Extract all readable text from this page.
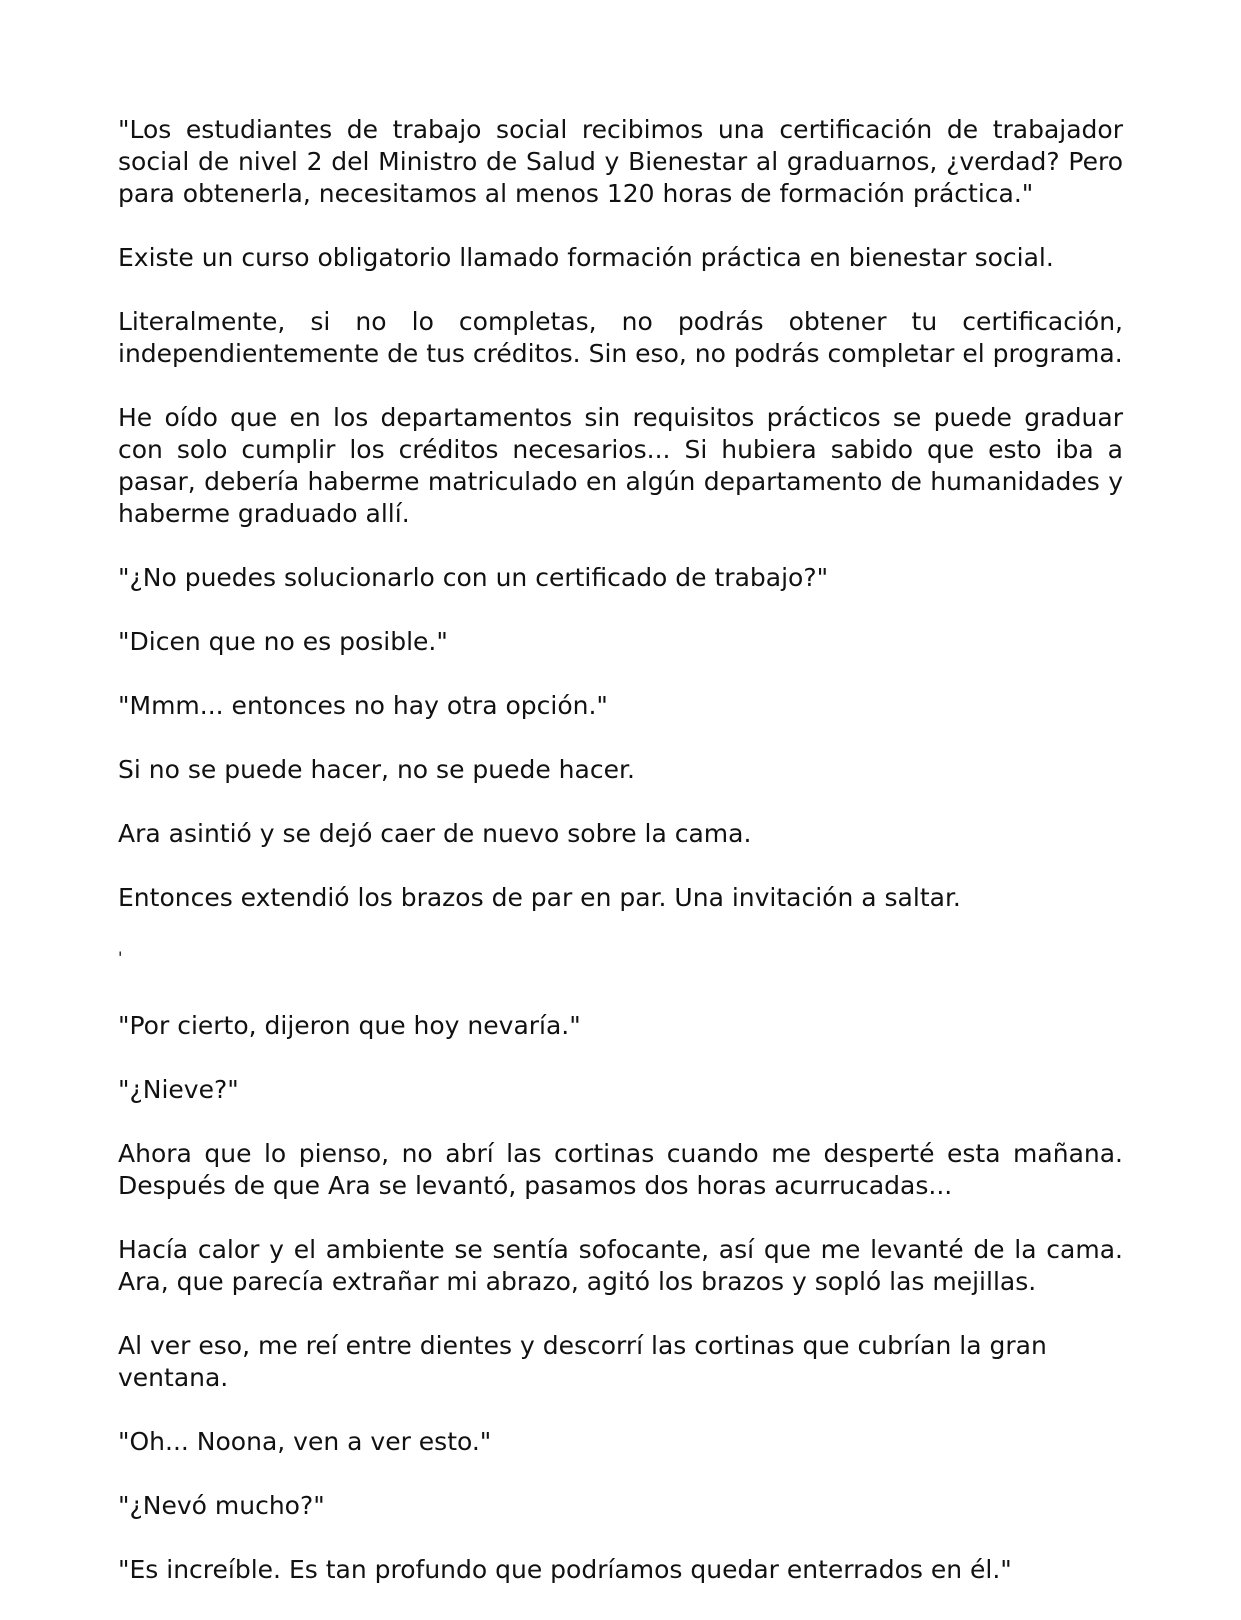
"Los estudiantes de trabajo social recibimos una certificación de trabajador social de nivel 2 del Ministro de Salud y Bienestar al graduarnos, ¿verdad? Pero para obtenerla, necesitamos al menos 120 horas de formación práctica."

Existe un curso obligatorio llamado formación práctica en bienestar social.

Literalmente, si no lo completas, no podrás obtener tu certificación, independientemente de tus créditos. Sin eso, no podrás completar el programa.

He oído que en los departamentos sin requisitos prácticos se puede graduar con solo cumplir los créditos necesarios... Si hubiera sabido que esto iba a pasar, debería haberme matriculado en algún departamento de humanidades y haberme graduado allí.

"¿No puedes solucionarlo con un certificado de trabajo?"

"Dicen que no es posible."

"Mmm... entonces no hay otra opción."

Si no se puede hacer, no se puede hacer.

Ara asintió y se dejó caer de nuevo sobre la cama.

Entonces extendió los brazos de par en par. Una invitación a saltar.

'

"Por cierto, dijeron que hoy nevaría."

"¿Nieve?"

Ahora que lo pienso, no abrí las cortinas cuando me desperté esta mañana. Después de que Ara se levantó, pasamos dos horas acurrucadas...

Hacía calor y el ambiente se sentía sofocante, así que me levanté de la cama. Ara, que parecía extrañar mi abrazo, agitó los brazos y sopló las mejillas.

Al ver eso, me reí entre dientes y descorrí las cortinas que cubrían la gran ventana.

"Oh... Noona, ven a ver esto."

"¿Nevó mucho?"

"Es increíble. Es tan profundo que podríamos quedar enterrados en él."
